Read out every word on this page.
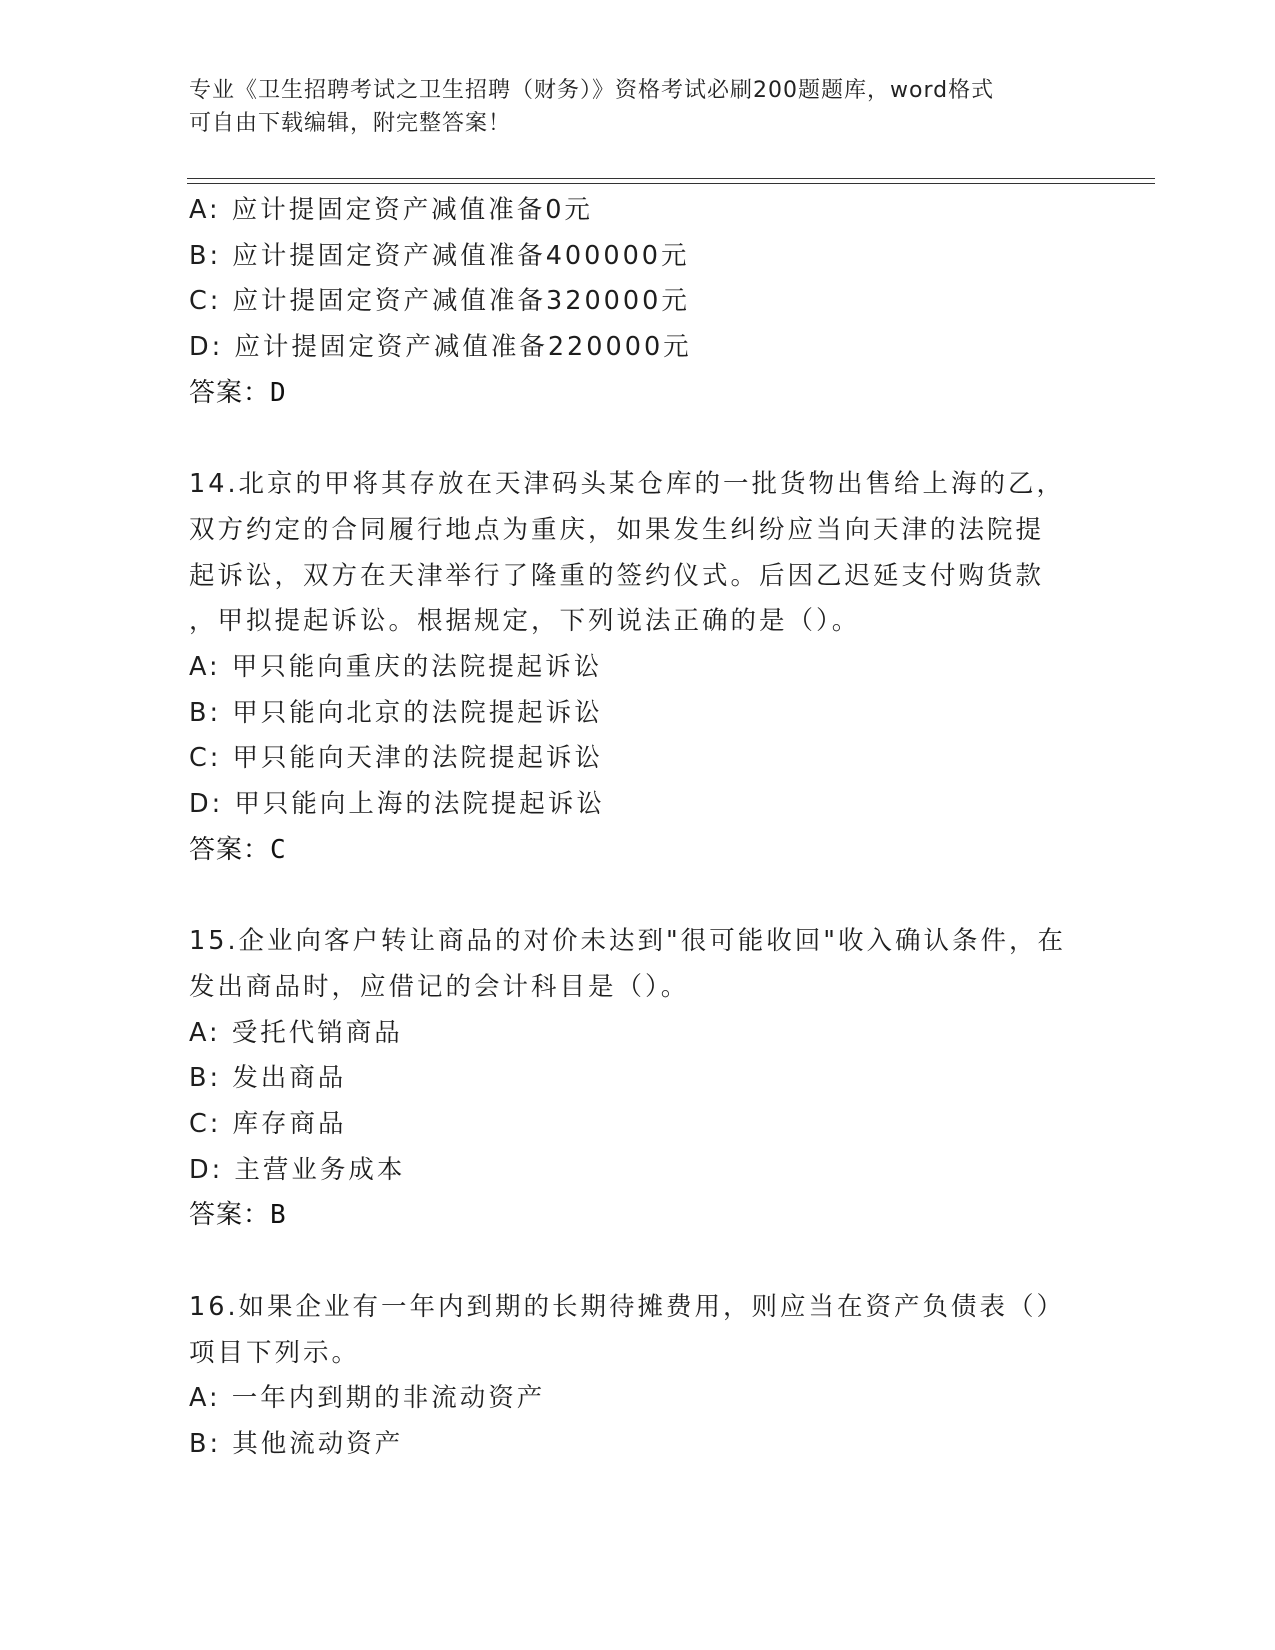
专业《卫生招聘考试之卫生招聘（财务）》资格考试必刷200题题库，word格式
可自由下载编辑，附完整答案！
A: 应计提固定资产减值准备0元
B: 应计提固定资产减值准备400000元
C: 应计提固定资产减值准备320000元
D: 应计提固定资产减值准备220000元
答案：D
14.北京的甲将其存放在天津码头某仓库的一批货物出售给上海的乙，
双方约定的合同履行地点为重庆，如果发生纠纷应当向天津的法院提
起诉讼，双方在天津举行了隆重的签约仪式。后因乙迟延支付购货款
，甲拟提起诉讼。根据规定，下列说法正确的是（）。
A: 甲只能向重庆的法院提起诉讼
B: 甲只能向北京的法院提起诉讼
C: 甲只能向天津的法院提起诉讼
D: 甲只能向上海的法院提起诉讼
答案：C
15.企业向客户转让商品的对价未达到"很可能收回"收入确认条件，在
发出商品时，应借记的会计科目是（）。
A: 受托代销商品
B: 发出商品
C: 库存商品
D: 主营业务成本
答案：B
16.如果企业有一年内到期的长期待摊费用，则应当在资产负债表（）
项目下列示。
A: 一年内到期的非流动资产
B: 其他流动资产
